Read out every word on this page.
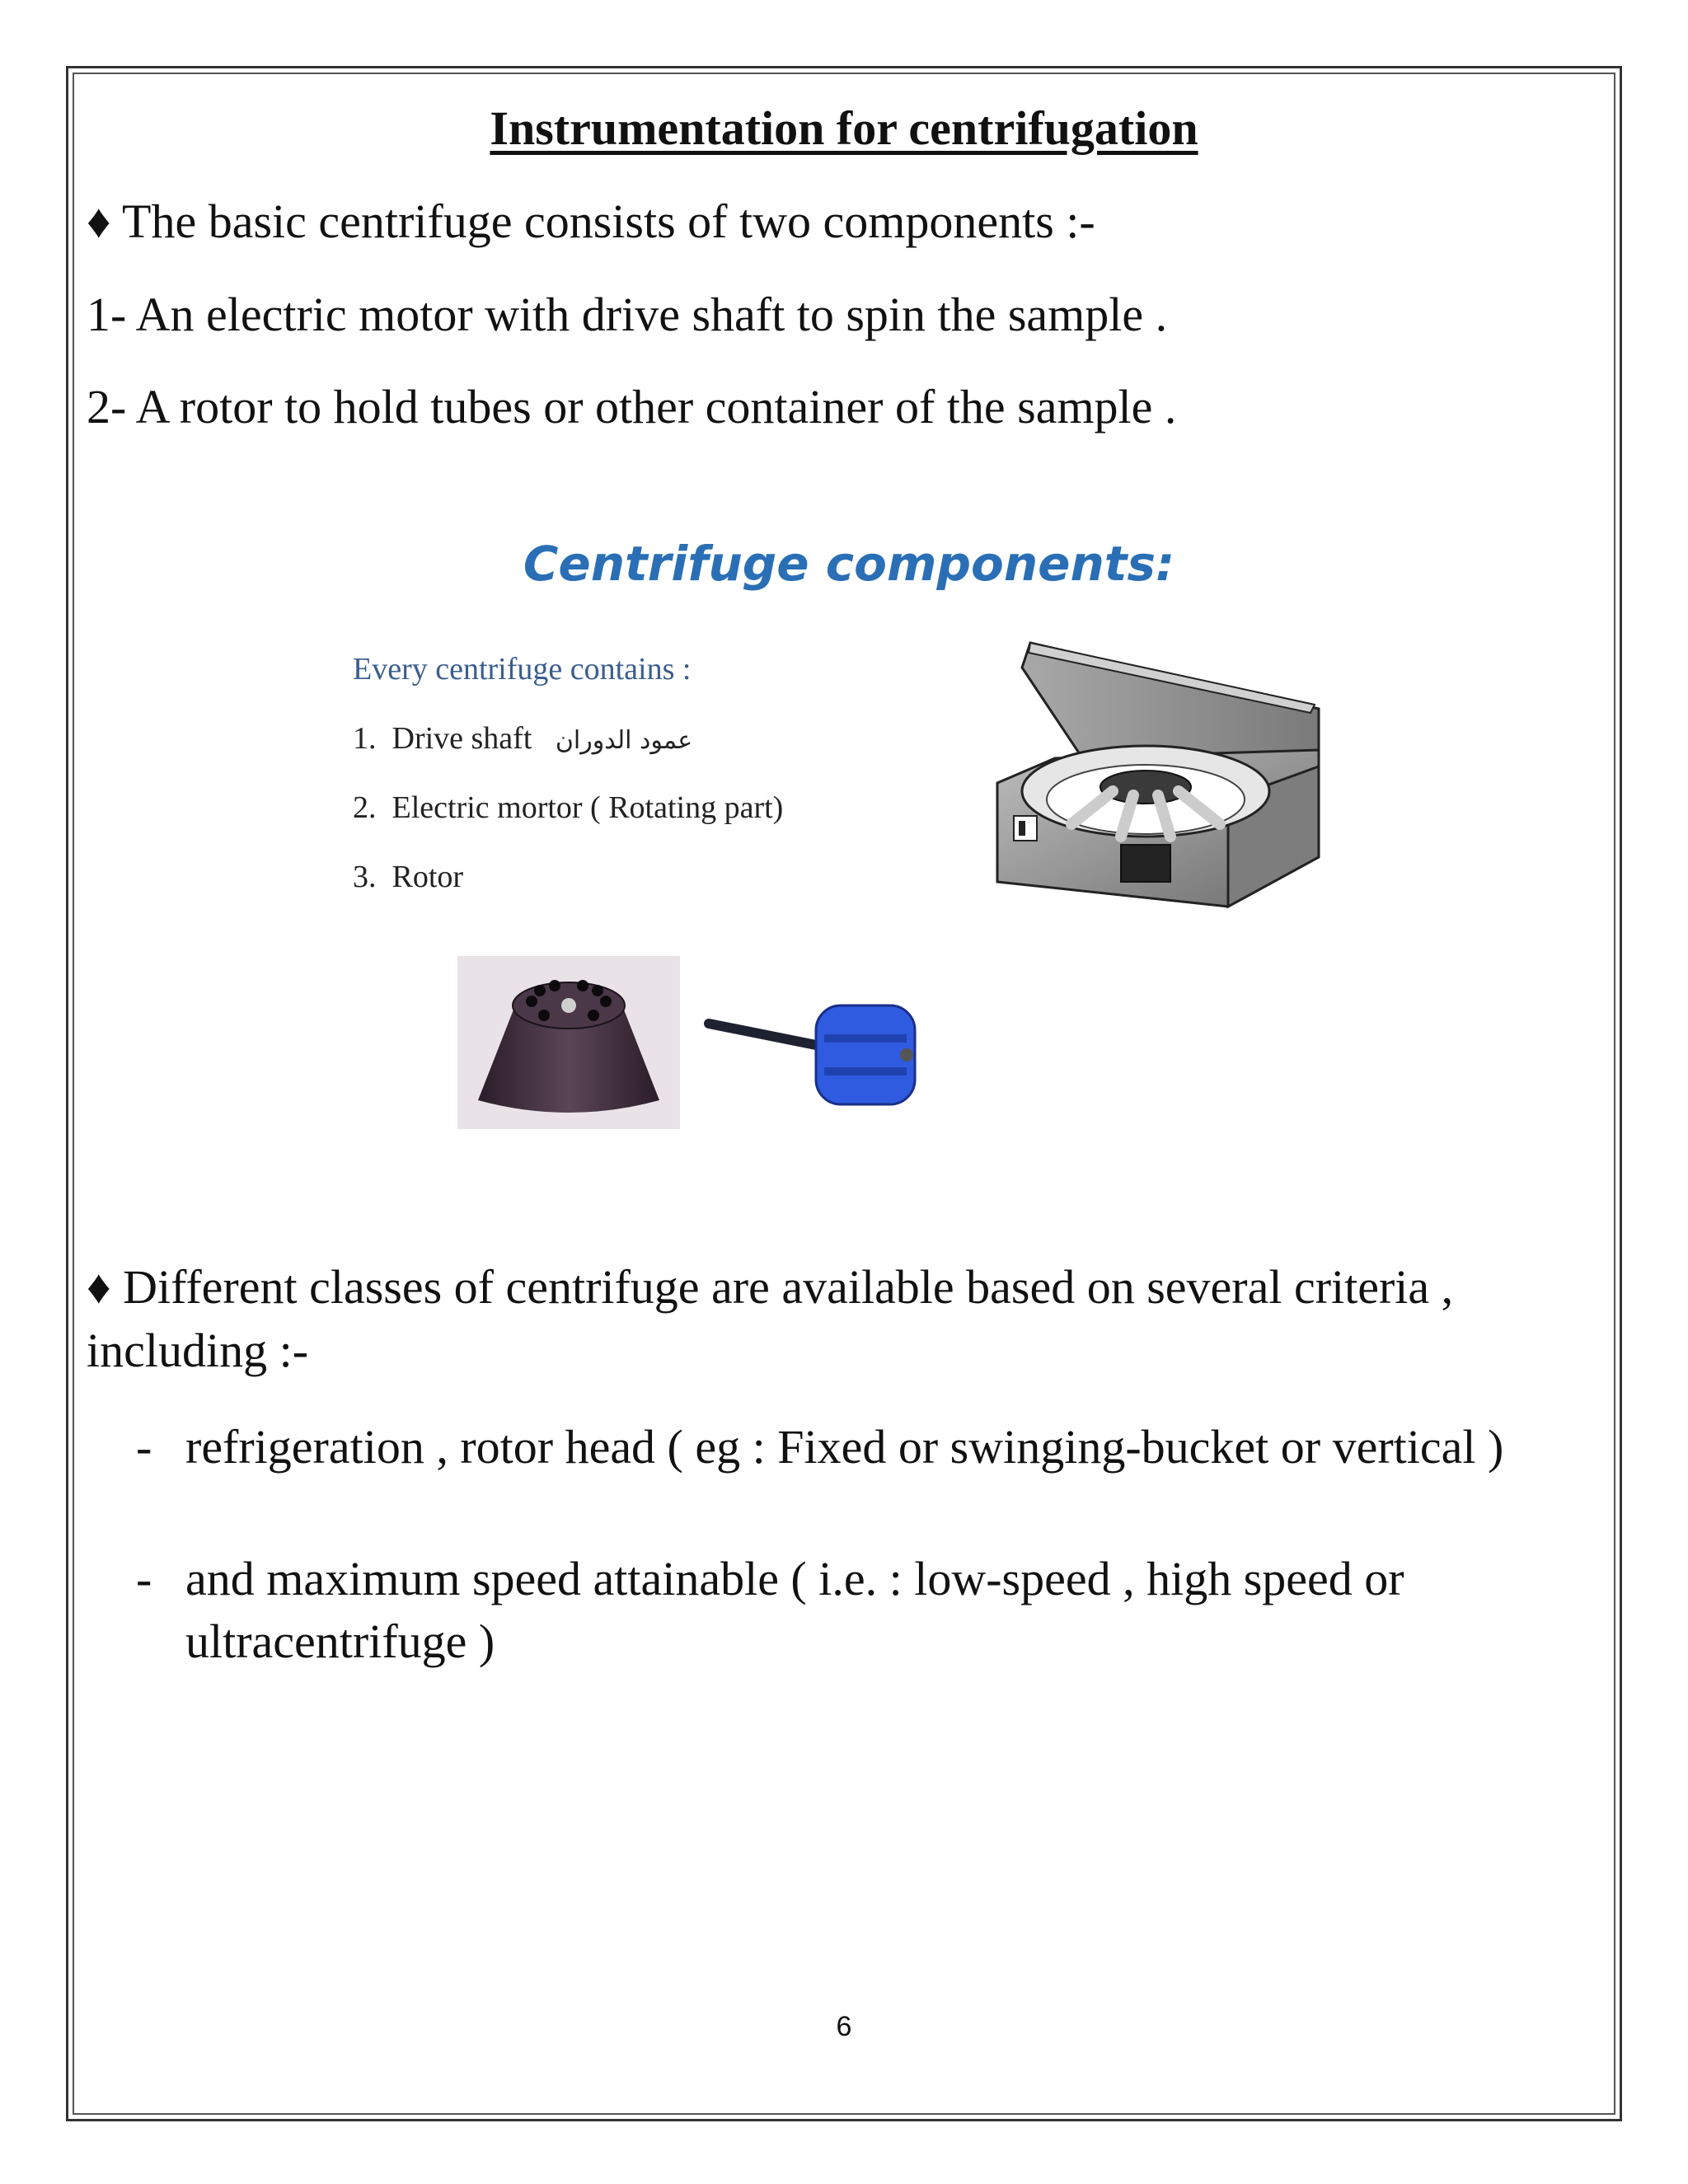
Instrumentation for centrifugation
♦ The basic centrifuge consists of two components :-
1- An electric motor with drive shaft to spin the sample .
2- A rotor to hold tubes or other container of the sample .
Centrifuge components:
Every centrifuge contains :
1. Drive shaft عمود الدوران
2. Electric mortor ( Rotating part)
3. Rotor
♦ Different classes of centrifuge are available based on several criteria ,
including :-
- refrigeration , rotor head ( eg : Fixed or swinging-bucket or vertical )
- and maximum speed attainable ( i.e. : low-speed , high speed or
ultracentrifuge )
6
